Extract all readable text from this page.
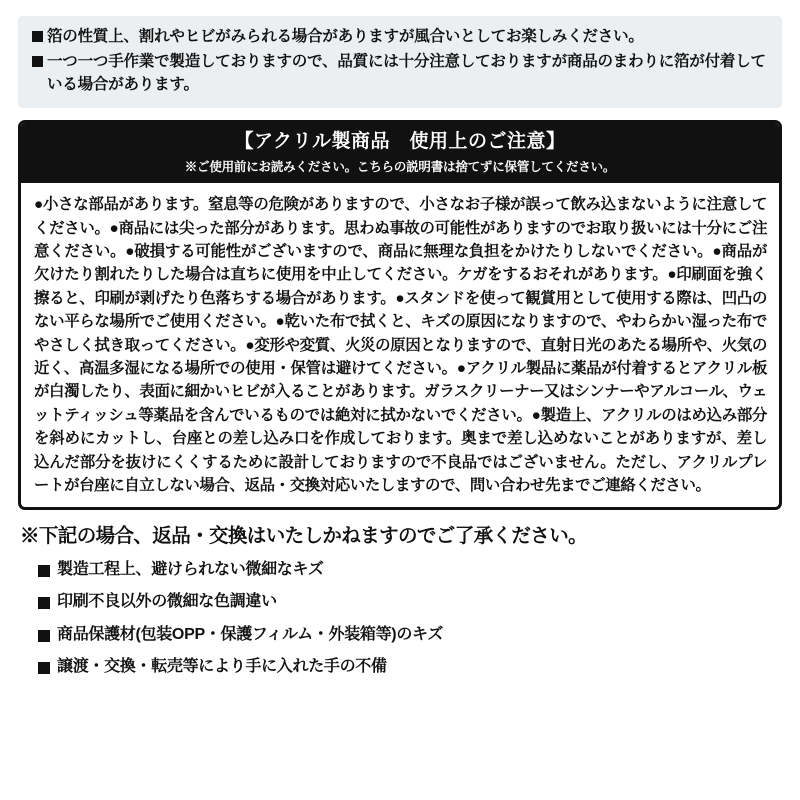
箔の性質上、割れやヒビがみられる場合がありますが風合いとしてお楽しみください。
一つ一つ手作業で製造しておりますので、品質には十分注意しておりますが商品のまわりに箔が付着している場合があります。
【アクリル製商品　使用上のご注意】
※ご使用前にお読みください。こちらの説明書は捨てずに保管してください。
●小さな部品があります。窒息等の危険がありますので、小さなお子様が誤って飲み込まないように注意してください。●商品には尖った部分があります。思わぬ事故の可能性がありますのでお取り扱いには十分にご注意ください。●破損する可能性がございますので、商品に無理な負担をかけたりしないでください。●商品が欠けたり割れたりした場合は直ちに使用を中止してください。ケガをするおそれがあります。●印刷面を強く擦ると、印刷が剥げたり色落ちする場合があります。●スタンドを使って観賞用として使用する際は、凹凸のない平らな場所でご使用ください。●乾いた布で拭くと、キズの原因になりますので、やわらかい湿った布でやさしく拭き取ってください。●変形や変質、火災の原因となりますので、直射日光のあたる場所や、火気の近く、高温多湿になる場所での使用・保管は避けてください。●アクリル製品に薬品が付着するとアクリル板が白濁したり、表面に細かいヒビが入ることがあります。ガラスクリーナー又はシンナーやアルコール、ウェットティッシュ等薬品を含んでいるものでは絶対に拭かないでください。●製造上、アクリルのはめ込み部分を斜めにカットし、台座との差し込み口を作成しております。奥まで差し込めないことがありますが、差し込んだ部分を抜けにくくするために設計しておりますので不良品ではございません。ただし、アクリルプレートが台座に自立しない場合、返品・交換対応いたしますので、問い合わせ先までご連絡ください。
※下記の場合、返品・交換はいたしかねますのでご了承ください。
製造工程上、避けられない微細なキズ
印刷不良以外の微細な色調違い
商品保護材(包装OPP・保護フィルム・外装箱等)のキズ
譲渡・交換・転売等により手に入れた手の不備
